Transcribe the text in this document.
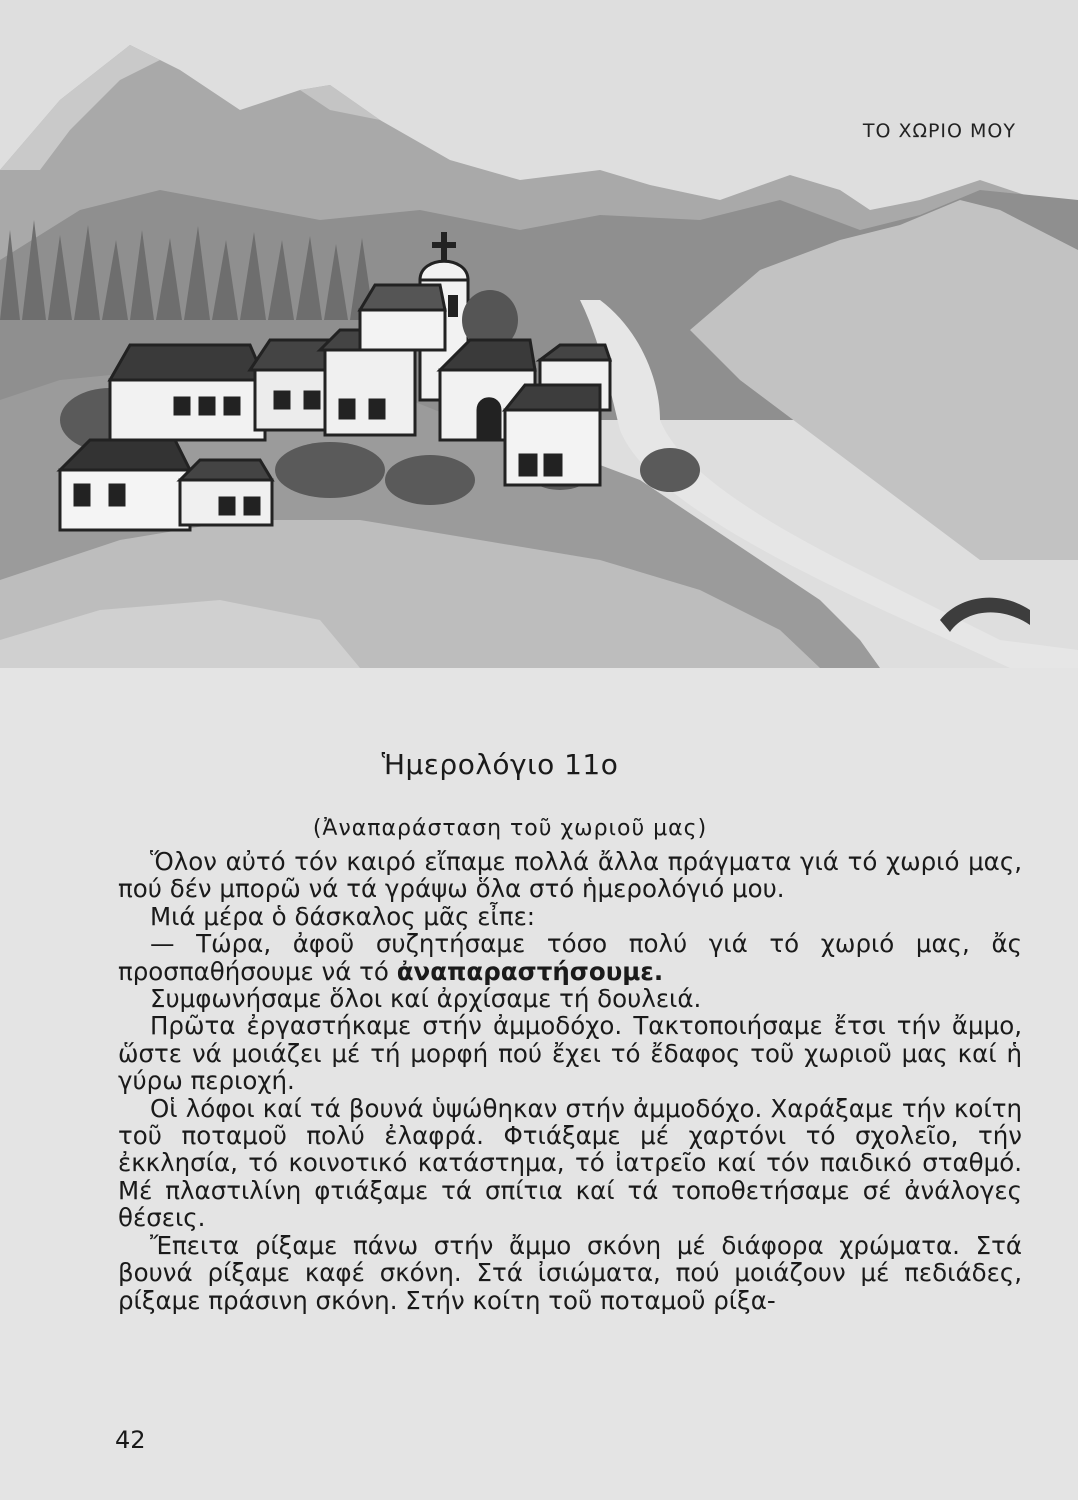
ΤΟ ΧΩΡΙΟ ΜΟΥ
Ἡμερολόγιο 11ο
(Ἀναπαράσταση τοῦ χωριοῦ μας)

Ὅλον αὐτό τόν καιρό εἴπαμε πολλά ἄλλα πράγματα γιά τό χωριό μας, πού δέν μπορῶ νά τά γράψω ὅλα στό ἡμερολόγιό μου.

Μιά μέρα ὁ δάσκαλος μᾶς εἶπε:

— Τώρα, ἀφοῦ συζητήσαμε τόσο πολύ γιά τό χωριό μας, ἄς προσπαθήσουμε νά τό ἀναπαραστήσουμε.

Συμφωνήσαμε ὅλοι καί ἀρχίσαμε τή δουλειά.

Πρῶτα ἐργαστήκαμε στήν ἀμμοδόχο. Τακτοποιήσαμε ἔτσι τήν ἄμμο, ὥστε νά μοιάζει μέ τή μορφή πού ἔχει τό ἔδαφος τοῦ χωριοῦ μας καί ἡ γύρω περιοχή.

Οἱ λόφοι καί τά βουνά ὑψώθηκαν στήν ἀμμοδόχο. Χαράξαμε τήν κοίτη τοῦ ποταμοῦ πολύ ἐλαφρά. Φτιάξαμε μέ χαρτόνι τό σχολεῖο, τήν ἐκκλησία, τό κοινοτικό κατάστημα, τό ἰατρεῖο καί τόν παιδικό σταθμό. Μέ πλαστιλίνη φτιάξαμε τά σπίτια καί τά τοποθετήσαμε σέ ἀνάλογες θέσεις.

Ἔπειτα ρίξαμε πάνω στήν ἄμμο σκόνη μέ διάφορα χρώματα. Στά βουνά ρίξαμε καφέ σκόνη. Στά ἰσιώματα, πού μοιάζουν μέ πεδιάδες, ρίξαμε πράσινη σκόνη. Στήν κοίτη τοῦ ποταμοῦ ρίξα-

42
